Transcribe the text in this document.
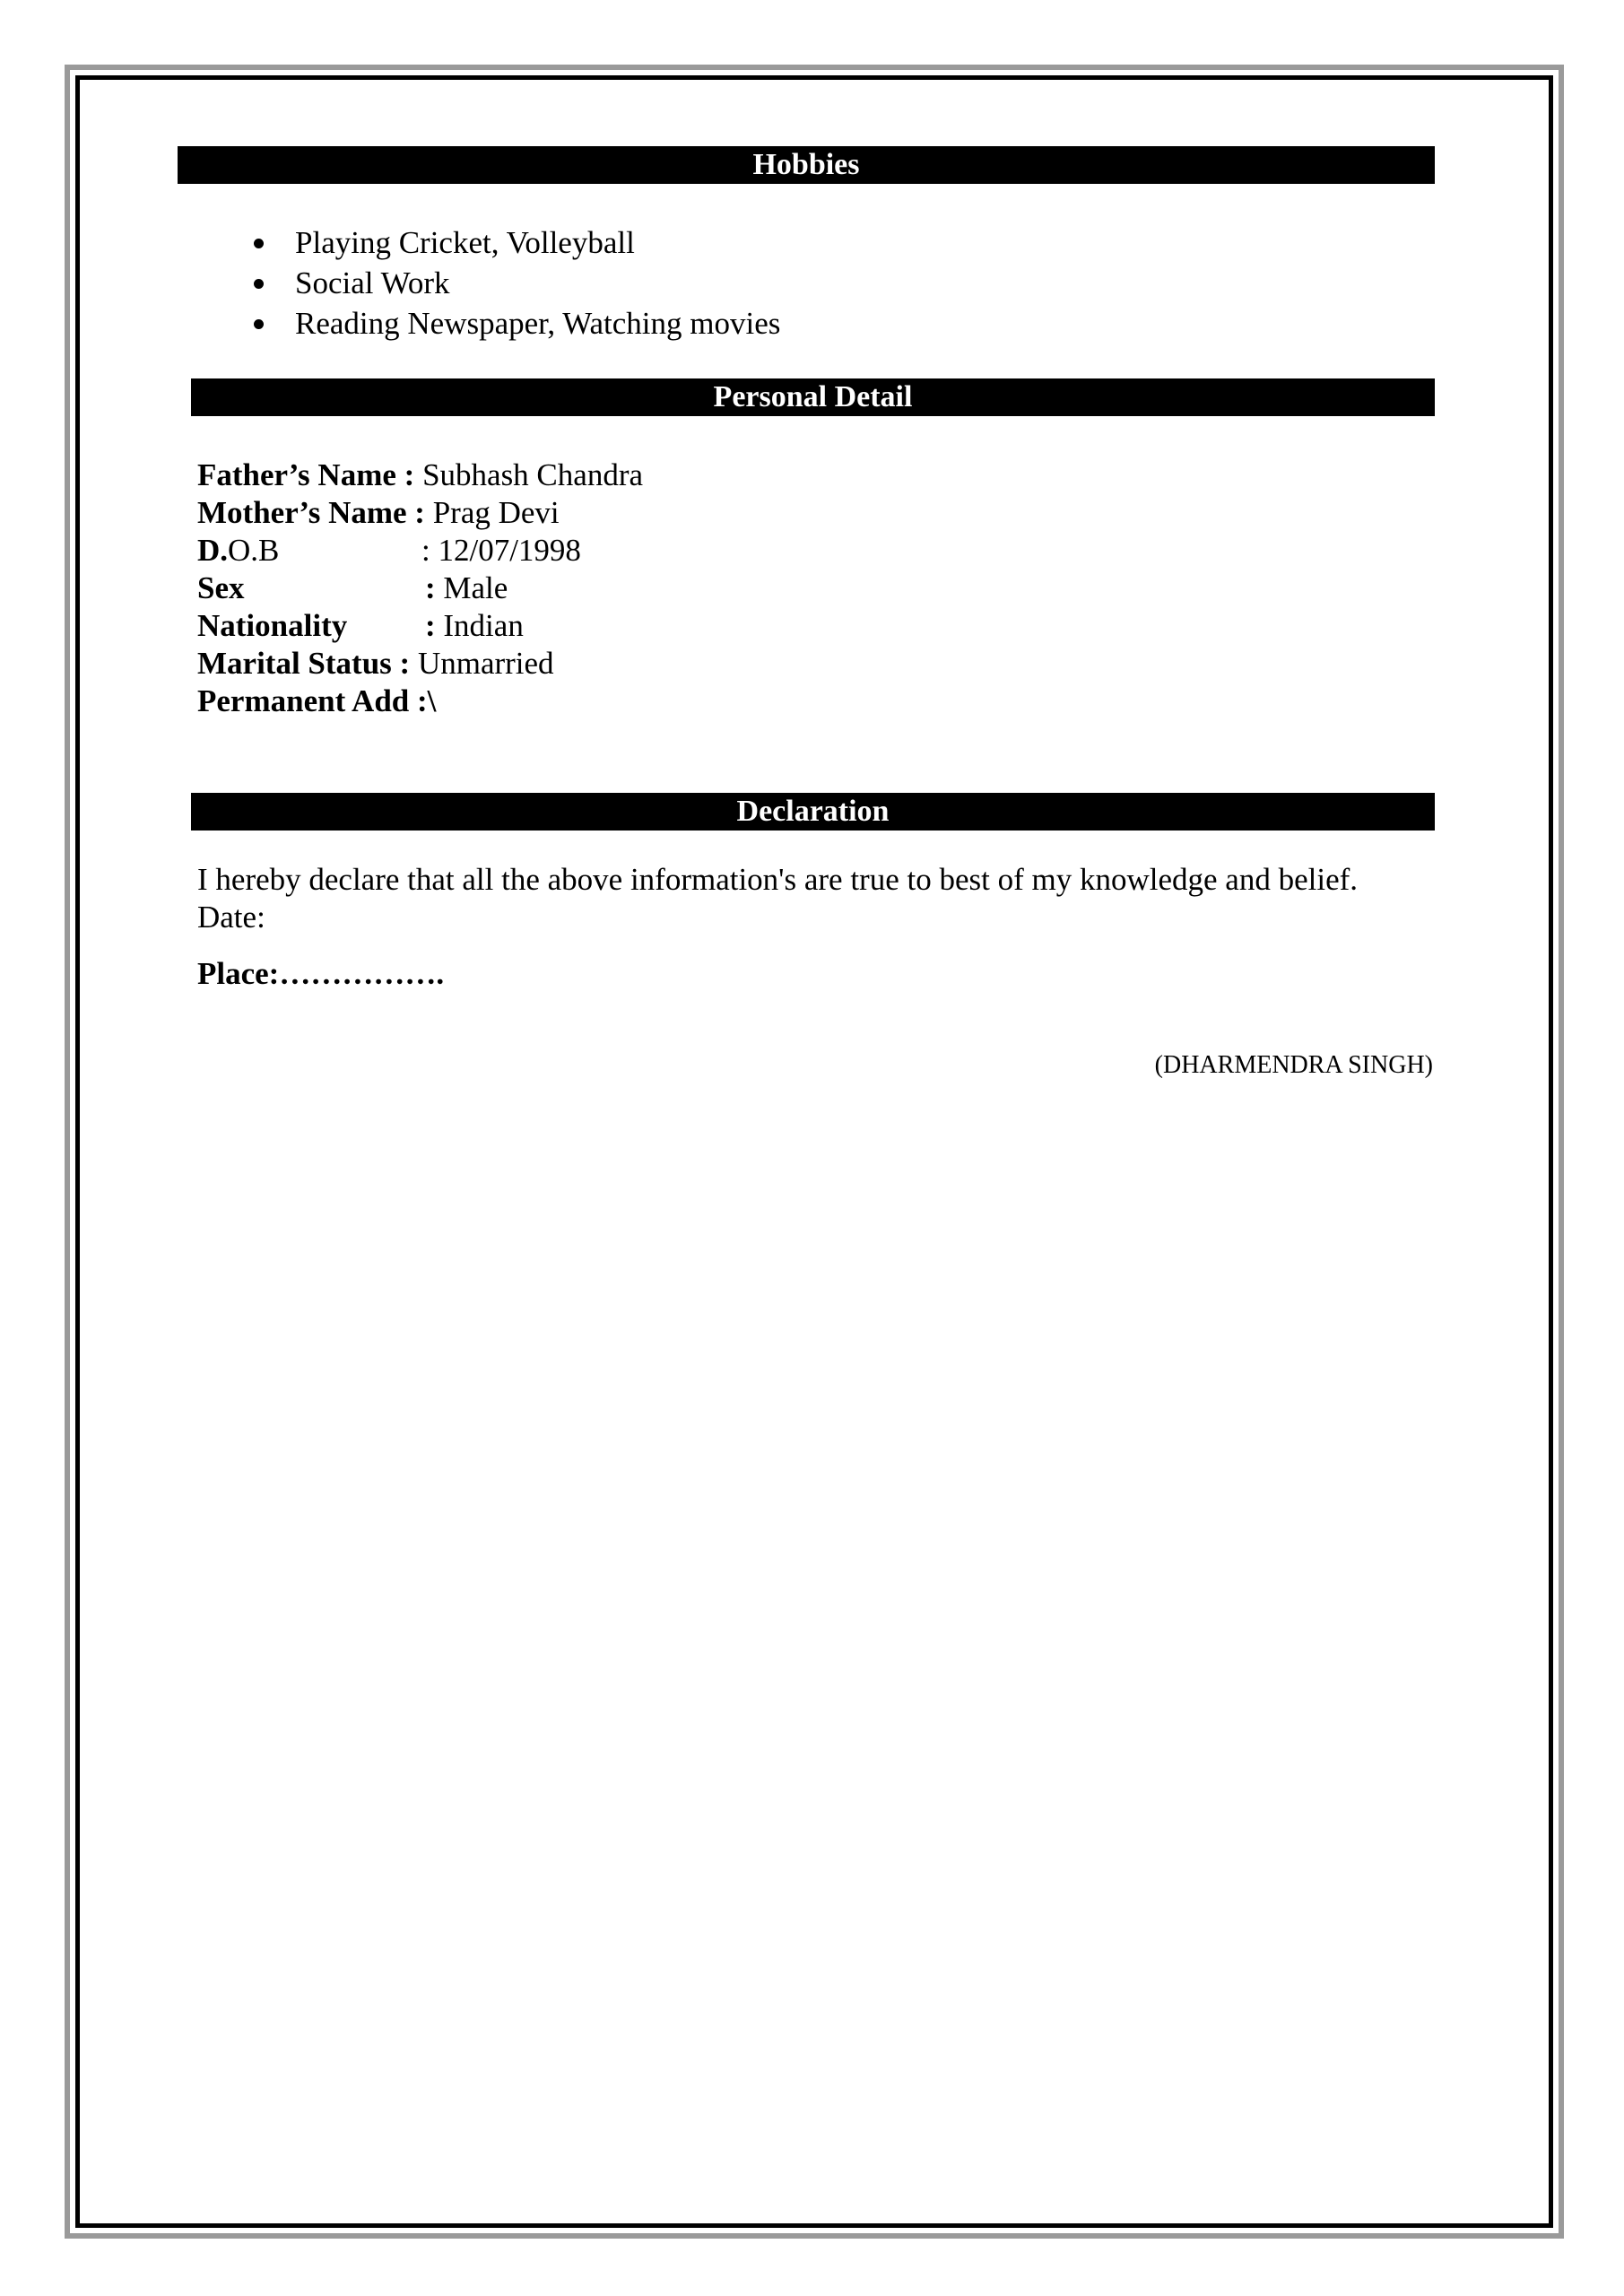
Hobbies
Playing Cricket, Volleyball
Social Work
Reading Newspaper, Watching movies
Personal Detail
Father’s Name : Subhash Chandra
Mother’s Name : Prag Devi
D.O.B	: 12/07/1998
Sex	: Male
Nationality : Indian
Marital Status : Unmarried
Permanent Add :\
Declaration
I hereby declare that all the above information's are true to best of my knowledge and belief.
Date:
Place:…………….
(DHARMENDRA SINGH)
